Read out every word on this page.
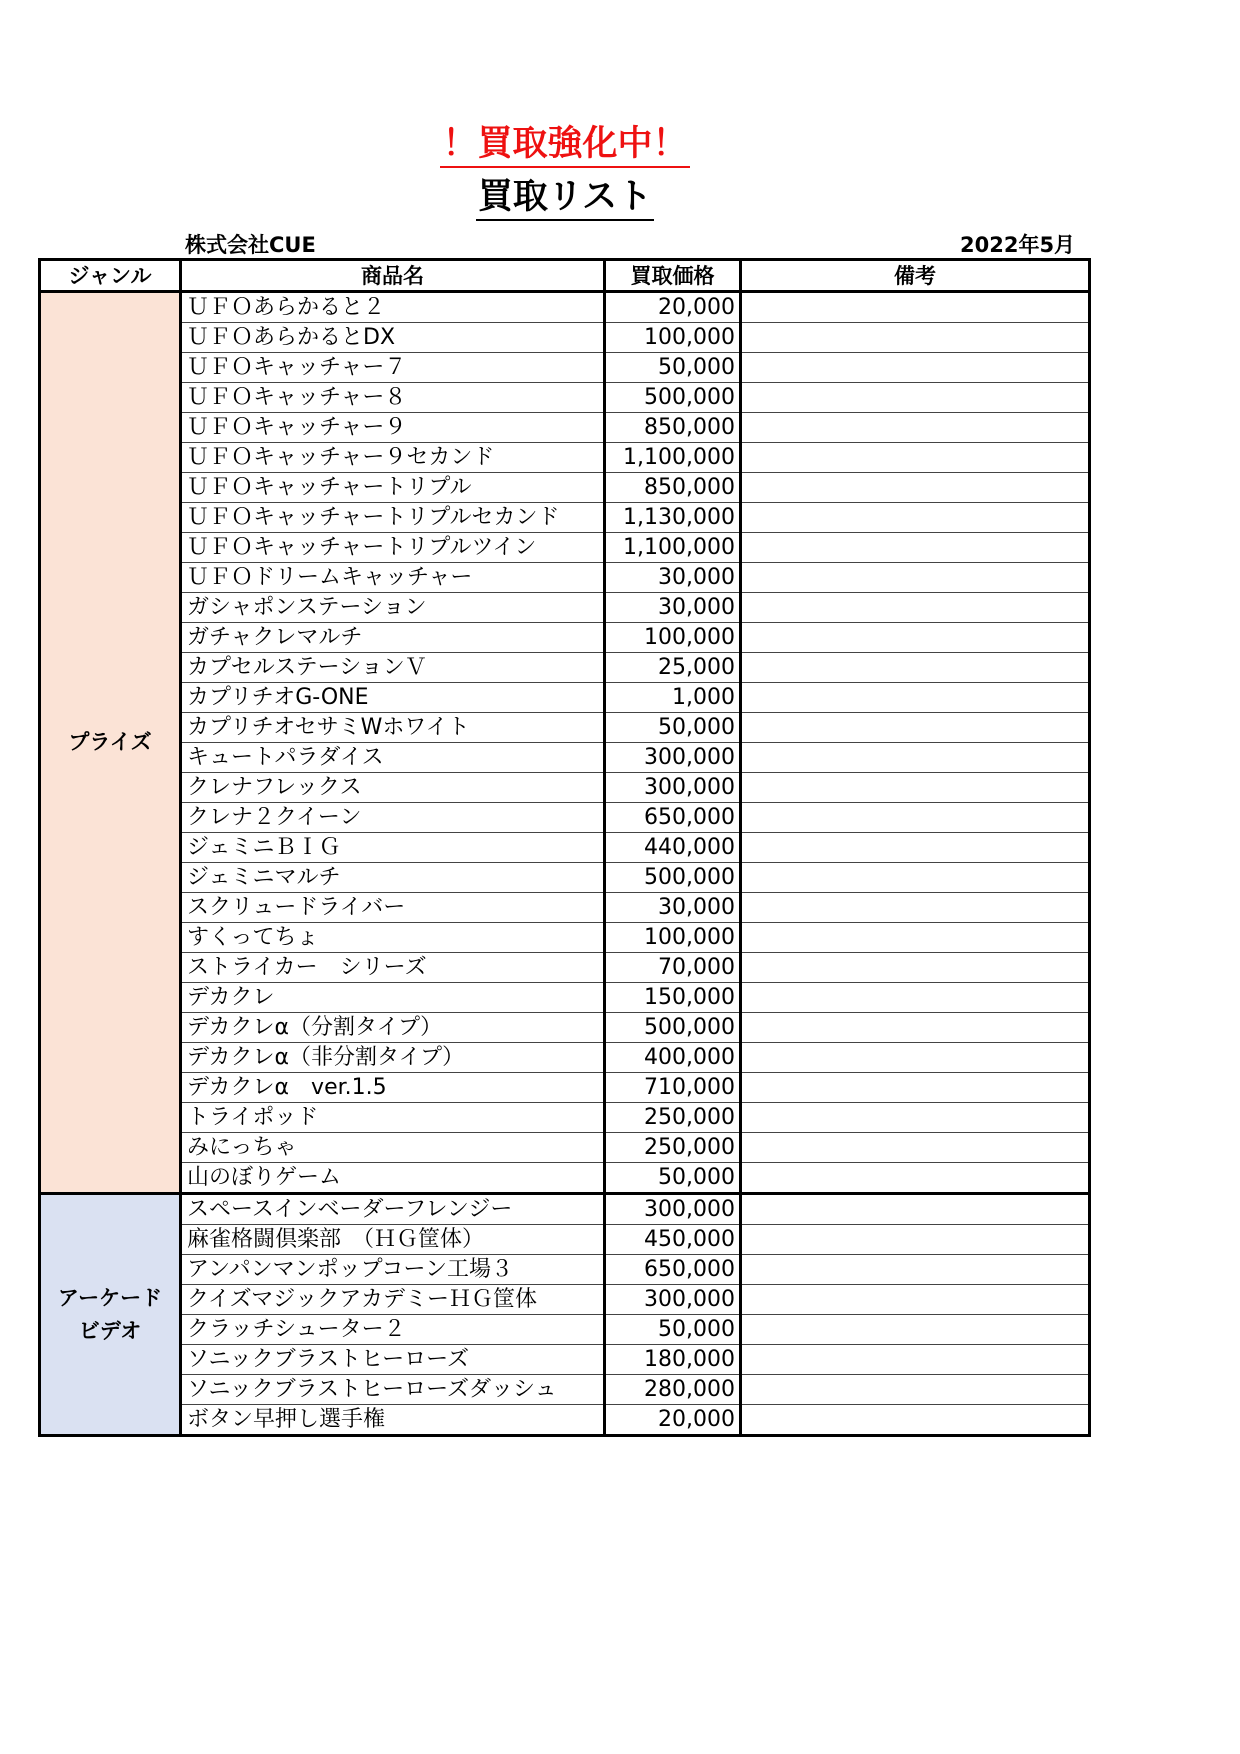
！買取強化中！
買取リスト
株式会社CUE	2022年5月
ジャンル	商品名	買取価格	備考
プライズ	ＵＦＯあらかると２	20,000	
	ＵＦＯあらかるとDX	100,000	
	ＵＦＯキャッチャー７	50,000	
	ＵＦＯキャッチャー８	500,000	
	ＵＦＯキャッチャー９	850,000	
	ＵＦＯキャッチャー９セカンド	1,100,000	
	ＵＦＯキャッチャートリプル	850,000	
	ＵＦＯキャッチャートリプルセカンド	1,130,000	
	ＵＦＯキャッチャートリプルツイン	1,100,000	
	ＵＦＯドリームキャッチャー	30,000	
	ガシャポンステーション	30,000	
	ガチャクレマルチ	100,000	
	カプセルステーションＶ	25,000	
	カプリチオG-ONE	1,000	
	カプリチオセサミWホワイト	50,000	
	キュートパラダイス	300,000	
	クレナフレックス	300,000	
	クレナ２クイーン	650,000	
	ジェミニＢＩＧ	440,000	
	ジェミニマルチ	500,000	
	スクリュードライバー	30,000	
	すくってちょ	100,000	
	ストライカー　シリーズ	70,000	
	デカクレ	150,000	
	デカクレα（分割タイプ）	500,000	
	デカクレα（非分割タイプ）	400,000	
	デカクレα　ver.1.5	710,000	
	トライポッド	250,000	
	みにっちゃ	250,000	
	山のぼりゲーム	50,000	

アーケード
ビデオ	スペースインベーダーフレンジー	300,000	
	麻雀格闘倶楽部　（ＨＧ筐体）	450,000	
	アンパンマンポップコーン工場３	650,000	
	クイズマジックアカデミーＨＧ筐体	300,000	
	クラッチシューター２	50,000	
	ソニックブラストヒーローズ	180,000	
	ソニックブラストヒーローズダッシュ	280,000	
	ボタン早押し選手権	20,000	
